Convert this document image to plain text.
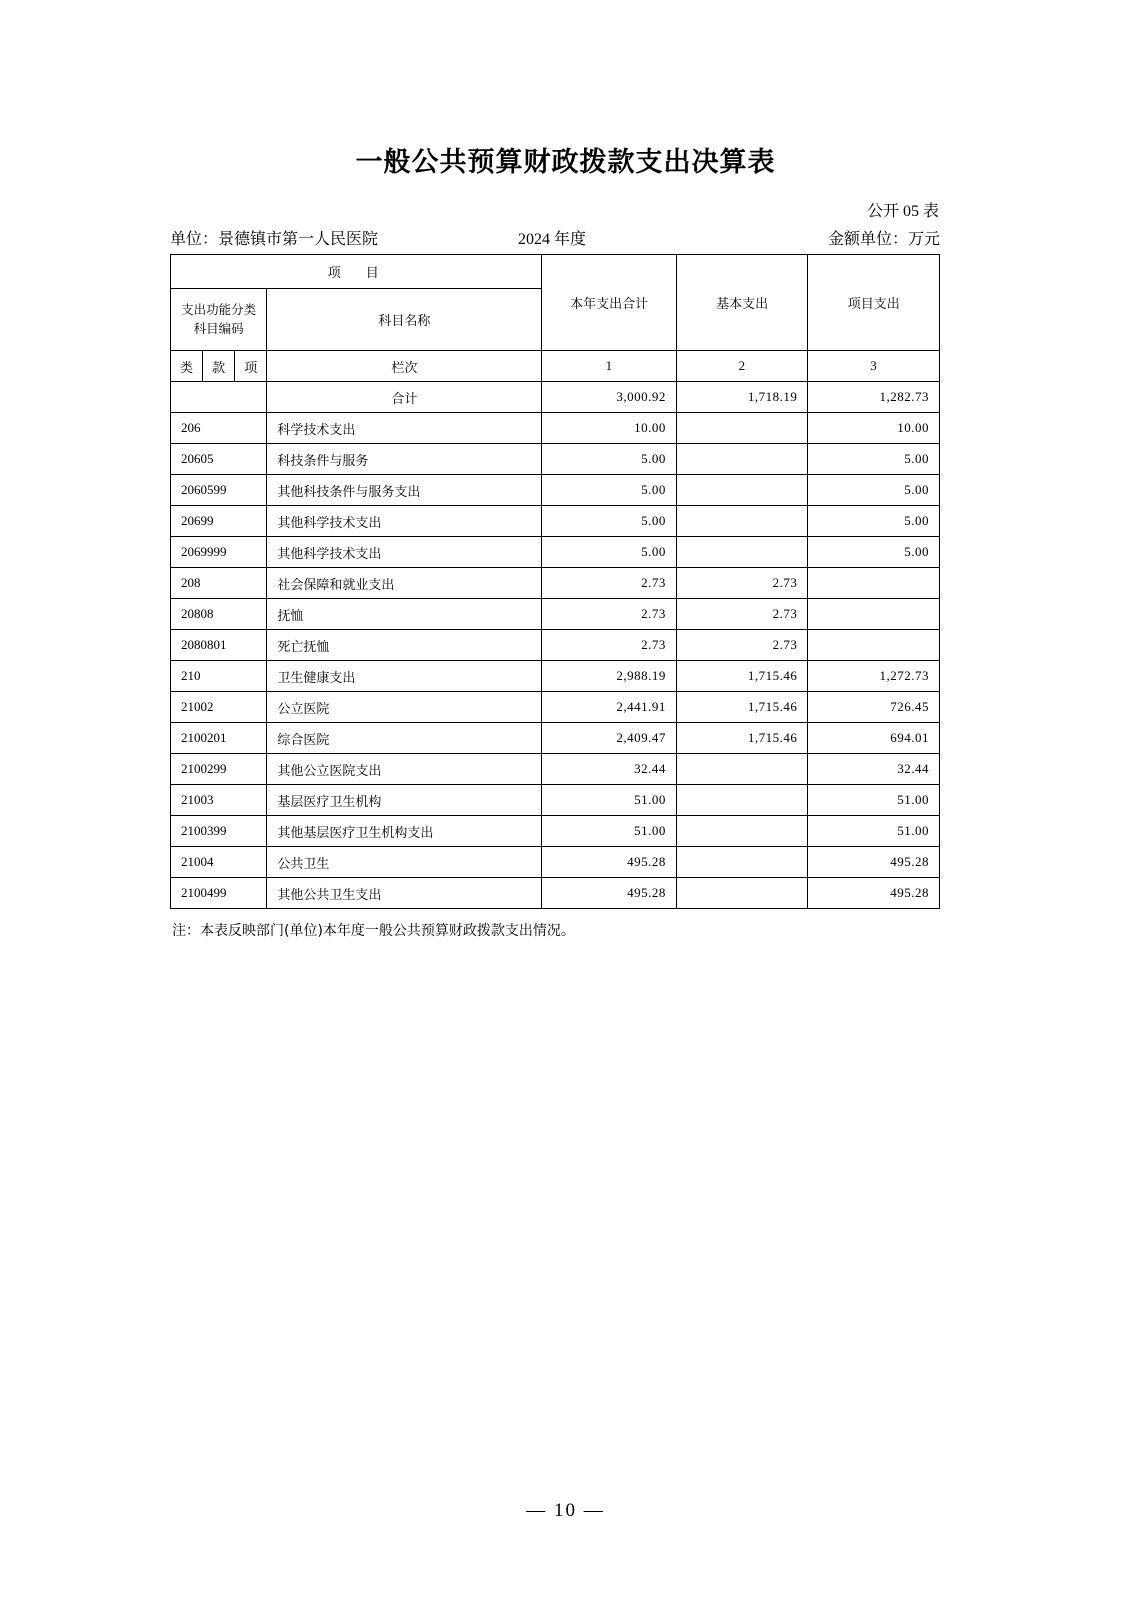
一般公共预算财政拨款支出决算表
公开 05 表
单位：景德镇市第一人民医院	2024 年度	金额单位：万元
项　目				本年支出合计	基本支出	项目支出
支出功能分类
科目编码			科目名称			
类	款	项	栏次	1	2	3
			合计	3,000.92	1,718.19	1,282.73
206			科学技术支出	10.00		10.00
20605			科技条件与服务	5.00		5.00
2060599			其他科技条件与服务支出	5.00		5.00
20699			其他科学技术支出	5.00		5.00
2069999			其他科学技术支出	5.00		5.00
208			社会保障和就业支出	2.73	2.73	
20808			抚恤	2.73	2.73	
2080801			死亡抚恤	2.73	2.73	
210			卫生健康支出	2,988.19	1,715.46	1,272.73
21002			公立医院	2,441.91	1,715.46	726.45
2100201			综合医院	2,409.47	1,715.46	694.01
2100299			其他公立医院支出	32.44		32.44
21003			基层医疗卫生机构	51.00		51.00
2100399			其他基层医疗卫生机构支出	51.00		51.00
21004			公共卫生	495.28		495.28
2100499			其他公共卫生支出	495.28		495.28
注：本表反映部门(单位)本年度一般公共预算财政拨款支出情况。
— 10 —
